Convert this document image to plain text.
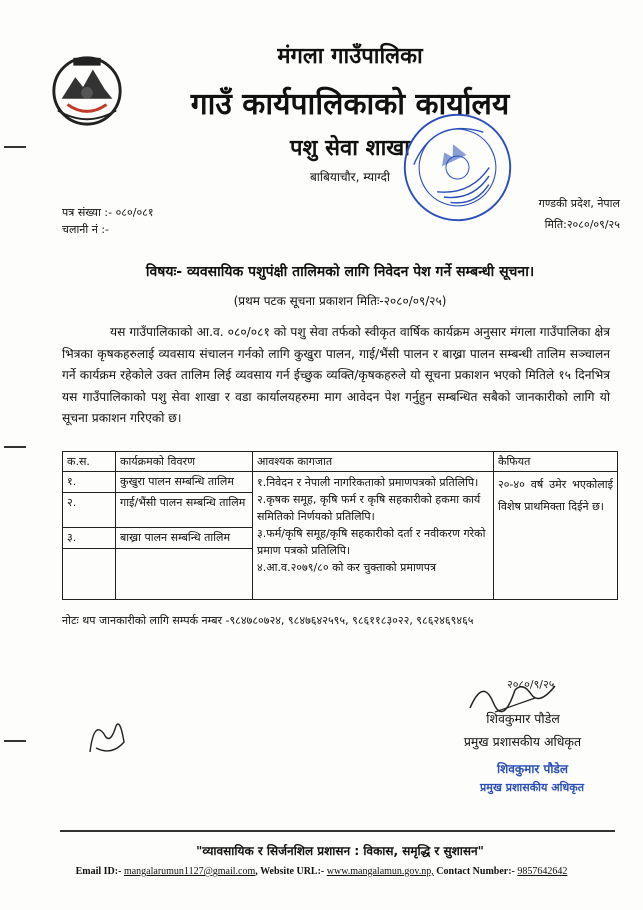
मंगला गाउँपालिका
गाउँ कार्यपालिकाको कार्यालय
पशु सेवा शाखा
बाबियाचौर, म्याग्दी
गण्डकी प्रदेश, नेपाल
मिति:२०८०/०९/२५
पत्र संख्या :- ०८०/०८१
चलानी नं :-
विषयः- व्यवसायिक पशुपंक्षी तालिमको लागि निवेदन पेश गर्ने सम्बन्धी सूचना।
(प्रथम पटक सूचना प्रकाशन मितिः-२०८०/०९/२५)
यस गाउँपालिकाको आ.व. ०८०/०८१ को पशु सेवा तर्फको स्वीकृत वार्षिक कार्यक्रम अनुसार मंगला गाउँपालिका क्षेत्र भित्रका कृषकहरुलाई व्यवसाय संचालन गर्नको लागि कुखुरा पालन, गाई/भैंसी पालन र बाख्रा पालन सम्बन्धी तालिम सञ्चालन गर्ने कार्यक्रम रहेकोले उक्त तालिम लिई व्यवसाय गर्न ईच्छुक व्यक्ति/कृषकहरुले यो सूचना प्रकाशन भएको मितिले १५ दिनभित्र यस गाउँपालिकाको पशु सेवा शाखा र वडा कार्यालयहरुमा माग आवेदन पेश गर्नुहुन सम्बन्धित सबैको जानकारीको लागि यो सूचना प्रकाशन गरिएको छ।
क.स.	कार्यक्रमको विवरण	आवश्यक कागजात	कैफियत
१.	कुखुरा पालन सम्बन्धि तालिम	१.निवेदन र नेपाली नागरिकताको प्रमाणपत्रको प्रतिलिपि।
२.कृषक समूह, कृषि फर्म र कृषि सहकारीको हकमा कार्य समितिको निर्णयको प्रतिलिपि।
३.फर्म/कृषि समूह/कृषि सहकारीको दर्ता र नवीकरण गरेको प्रमाण पत्रको प्रतिलिपि।
४.आ.व.२०७९/८० को कर चुक्ताको प्रमाणपत्र	२०-४० वर्ष उमेर भएकोलाई विशेष प्राथमिक्ता दिईने छ।
२.	गाई/भैंसी पालन सम्बन्धि तालिम		
३.	बाख्रा पालन सम्बन्धि तालिम		

नोटः थप जानकारीको लागि सम्पर्क नम्बर -९८४७८०७२४, ९८४७६४२५९५, ९८६११८३०२२, ९८६२४६९४६५
२०८०/९/२५
शिवकुमार पौडेल
प्रमुख प्रशासकीय अधिकृत
शिवकुमार पौडेल
प्रमुख प्रशासकीय अधिकृत
"व्यावसायिक र सिर्जनशिल प्रशासन : विकास, समृद्धि र सुशासन"
Email ID:- mangalarumun1127@gmail.com, Website URL:- www.mangalamun.gov.np, Contact Number:- 9857642642
